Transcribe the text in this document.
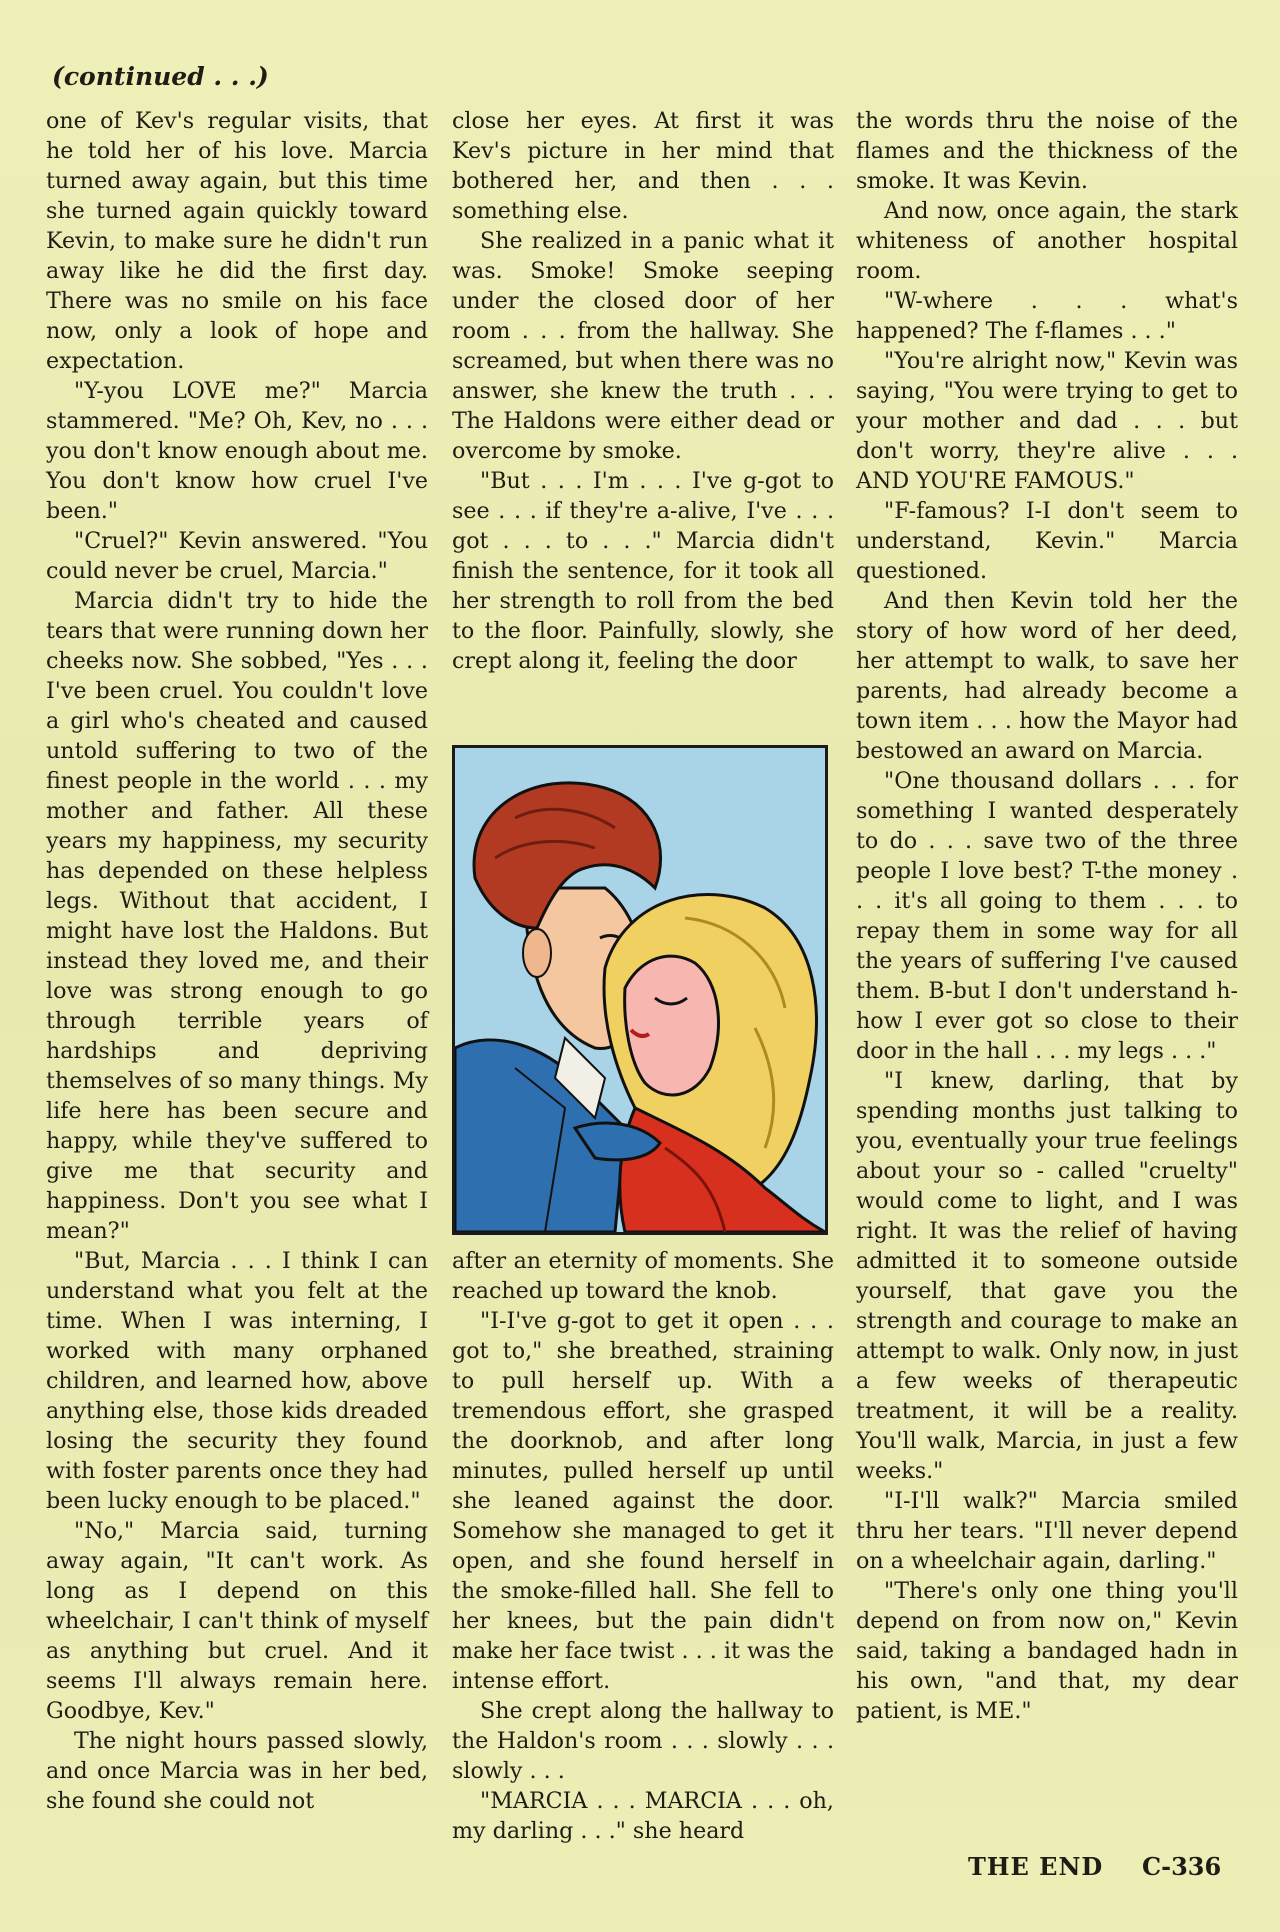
(continued . . .)

one of Kev's regular visits, that he told her of his love. Marcia turned away again, but this time she turned again quickly toward Kevin, to make sure he didn't run away like he did the first day. There was no smile on his face now, only a look of hope and expectation.

"Y-you LOVE me?" Marcia stammered. "Me? Oh, Kev, no . . . you don't know enough about me. You don't know how cruel I've been."

"Cruel?" Kevin answered. "You could never be cruel, Marcia."

Marcia didn't try to hide the tears that were running down her cheeks now. She sobbed, "Yes . . . I've been cruel. You couldn't love a girl who's cheated and caused untold suffering to two of the finest people in the world . . . my mother and father. All these years my happiness, my security has depended on these helpless legs. Without that accident, I might have lost the Haldons. But instead they loved me, and their love was strong enough to go through terrible years of hardships and depriving themselves of so many things. My life here has been secure and happy, while they've suffered to give me that security and happiness. Don't you see what I mean?"

"But, Marcia . . . I think I can understand what you felt at the time. When I was interning, I worked with many orphaned children, and learned how, above anything else, those kids dreaded losing the security they found with foster parents once they had been lucky enough to be placed."

"No," Marcia said, turning away again, "It can't work. As long as I depend on this wheelchair, I can't think of myself as anything but cruel. And it seems I'll always remain here. Goodbye, Kev."

The night hours passed slowly, and once Marcia was in her bed, she found she could not

close her eyes. At first it was Kev's picture in her mind that bothered her, and then . . . something else.

She realized in a panic what it was. Smoke! Smoke seeping under the closed door of her room . . . from the hallway. She screamed, but when there was no answer, she knew the truth . . . The Haldons were either dead or overcome by smoke.

"But . . . I'm . . . I've g-got to see . . . if they're a-alive, I've . . . got . . . to . . ." Marcia didn't finish the sentence, for it took all her strength to roll from the bed to the floor. Painfully, slowly, she crept along it, feeling the door

after an eternity of moments. She reached up toward the knob.

"I-I've g-got to get it open . . . got to," she breathed, straining to pull herself up. With a tremendous effort, she grasped the doorknob, and after long minutes, pulled herself up until she leaned against the door. Somehow she managed to get it open, and she found herself in the smoke-filled hall. She fell to her knees, but the pain didn't make her face twist . . . it was the intense effort.

She crept along the hallway to the Haldon's room . . . slowly . . . slowly . . .

"MARCIA . . . MARCIA . . . oh, my darling . . ." she heard

the words thru the noise of the flames and the thickness of the smoke. It was Kevin.

And now, once again, the stark whiteness of another hospital room.

"W-where . . . what's happened? The f-flames . . ."

"You're alright now," Kevin was saying, "You were trying to get to your mother and dad . . . but don't worry, they're alive . . . AND YOU'RE FAMOUS."

"F-famous? I-I don't seem to understand, Kevin." Marcia questioned.

And then Kevin told her the story of how word of her deed, her attempt to walk, to save her parents, had already become a town item . . . how the Mayor had bestowed an award on Marcia.

"One thousand dollars . . . for something I wanted desperately to do . . . save two of the three people I love best? T-the money . . . it's all going to them . . . to repay them in some way for all the years of suffering I've caused them. B-but I don't understand h-how I ever got so close to their door in the hall . . . my legs . . ."

"I knew, darling, that by spending months just talking to you, eventually your true feelings about your so - called "cruelty" would come to light, and I was right. It was the relief of having admitted it to someone outside yourself, that gave you the strength and courage to make an attempt to walk. Only now, in just a few weeks of therapeutic treatment, it will be a reality. You'll walk, Marcia, in just a few weeks."

"I-I'll walk?" Marcia smiled thru her tears. "I'll never depend on a wheelchair again, darling."

"There's only one thing you'll depend on from now on," Kevin said, taking a bandaged hadn in his own, "and that, my dear patient, is ME."

THE END C-336
